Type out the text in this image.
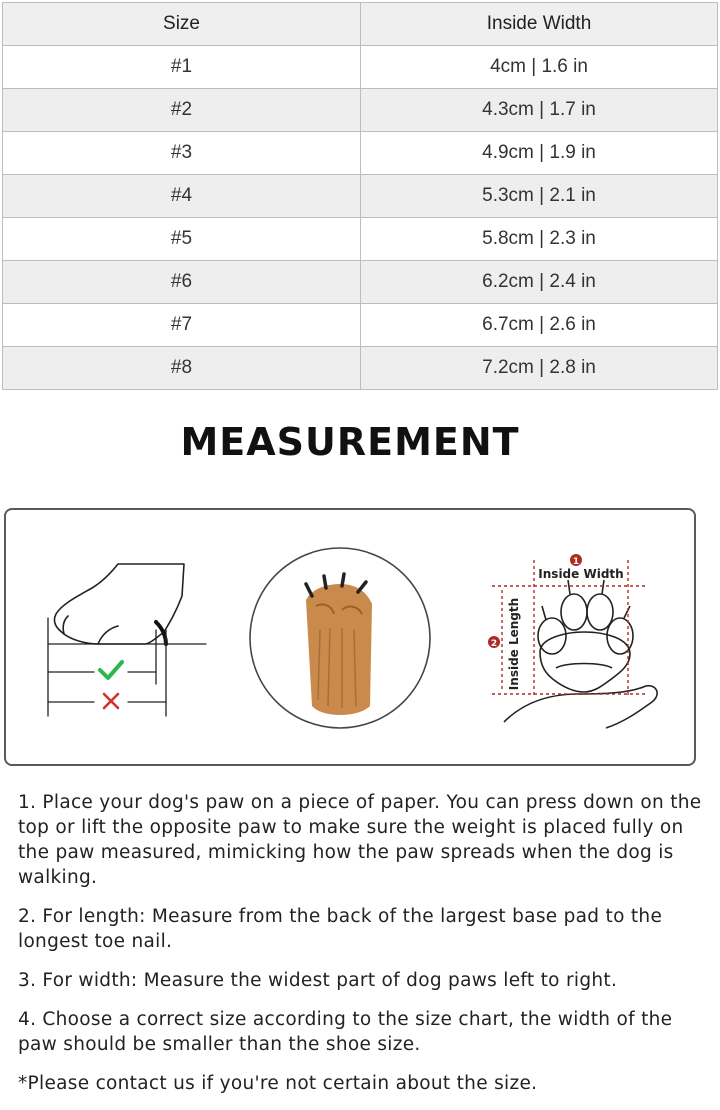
Size	Inside Width
#1	4cm | 1.6 in
#2	4.3cm | 1.7 in
#3	4.9cm | 1.9 in
#4	5.3cm | 2.1 in
#5	5.8cm | 2.3 in
#6	6.2cm | 2.4 in
#7	6.7cm | 2.6 in
#8	7.2cm | 2.8 in
MEASUREMENT
1
Inside Width
2 Inside Length

1. Place your dog's paw on a piece of paper. You can press down on the top or lift the opposite paw to make sure the weight is placed fully on the paw measured, mimicking how the paw spreads when the dog is walking.

2. For length: Measure from the back of the largest base pad to the longest toe nail.

3. For width: Measure the widest part of dog paws left to right.

4. Choose a correct size according to the size chart, the width of the paw should be smaller than the shoe size.

*Please contact us if you're not certain about the size.
